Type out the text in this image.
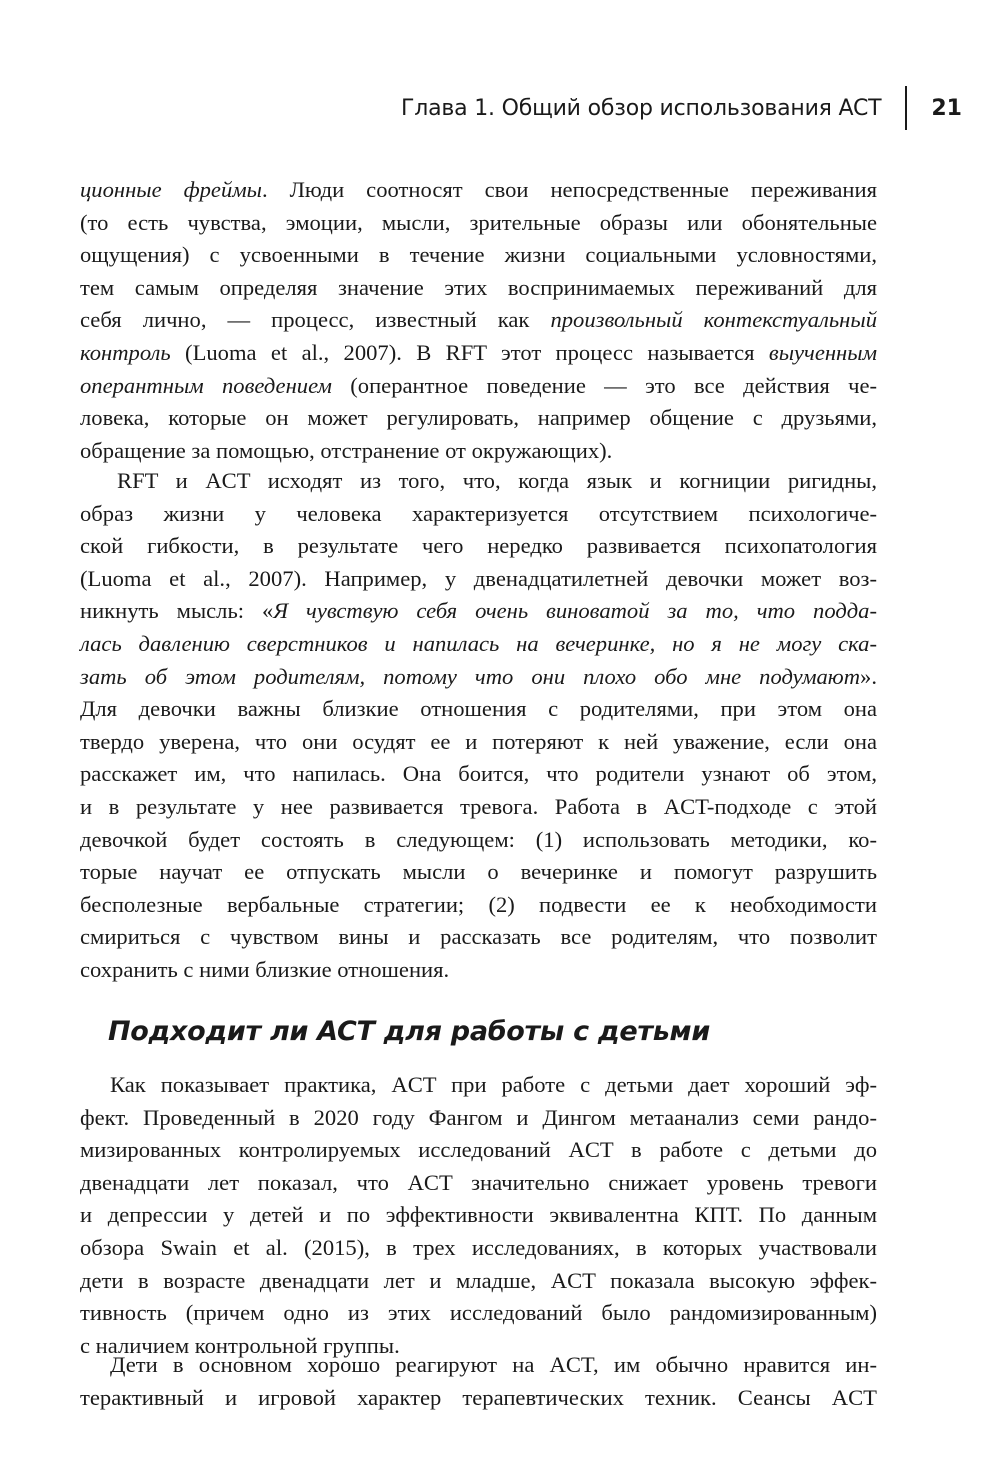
Глава 1. Общий обзор использования ACT 21
ционные фреймы. Люди соотносят свои непосредственные переживания
(то есть чувства, эмоции, мысли, зрительные образы или обонятельные
ощущения) с усвоенными в течение жизни социальными условностями,
тем самым определяя значение этих воспринимаемых переживаний для
себя лично, — процесс, известный как произвольный контекстуальный
контроль (Luoma et al., 2007). В RFT этот процесс называется выученным
оперантным поведением (оперантное поведение — это все действия че-
ловека, которые он может регулировать, например общение с друзьями,
обращение за помощью, отстранение от окружающих).
RFT и ACT исходят из того, что, когда язык и когниции ригидны,
образ жизни у человека характеризуется отсутствием психологиче-
ской гибкости, в результате чего нередко развивается психопатология
(Luoma et al., 2007). Например, у двенадцатилетней девочки может воз-
никнуть мысль: «Я чувствую себя очень виноватой за то, что подда-
лась давлению сверстников и напилась на вечеринке, но я не могу ска-
зать об этом родителям, потому что они плохо обо мне подумают».
Для девочки важны близкие отношения с родителями, при этом она
твердо уверена, что они осудят ее и потеряют к ней уважение, если она
расскажет им, что напилась. Она боится, что родители узнают об этом,
и в результате у нее развивается тревога. Работа в ACT-подходе с этой
девочкой будет состоять в следующем: (1) использовать методики, ко-
торые научат ее отпускать мысли о вечеринке и помогут разрушить
бесполезные вербальные стратегии; (2) подвести ее к необходимости
смириться с чувством вины и рассказать все родителям, что позволит
сохранить с ними близкие отношения.
Подходит ли ACT для работы с детьми
Как показывает практика, ACT при работе с детьми дает хороший эф-
фект. Проведенный в 2020 году Фангом и Дингом метаанализ семи рандо-
мизированных контролируемых исследований ACT в работе с детьми до
двенадцати лет показал, что ACT значительно снижает уровень тревоги
и депрессии у детей и по эффективности эквивалентна КПТ. По данным
обзора Swain et al. (2015), в трех исследованиях, в которых участвовали
дети в возрасте двенадцати лет и младше, ACT показала высокую эффек-
тивность (причем одно из этих исследований было рандомизированным)
с наличием контрольной группы.
Дети в основном хорошо реагируют на ACT, им обычно нравится ин-
терактивный и игровой характер терапевтических техник. Сеансы ACT
